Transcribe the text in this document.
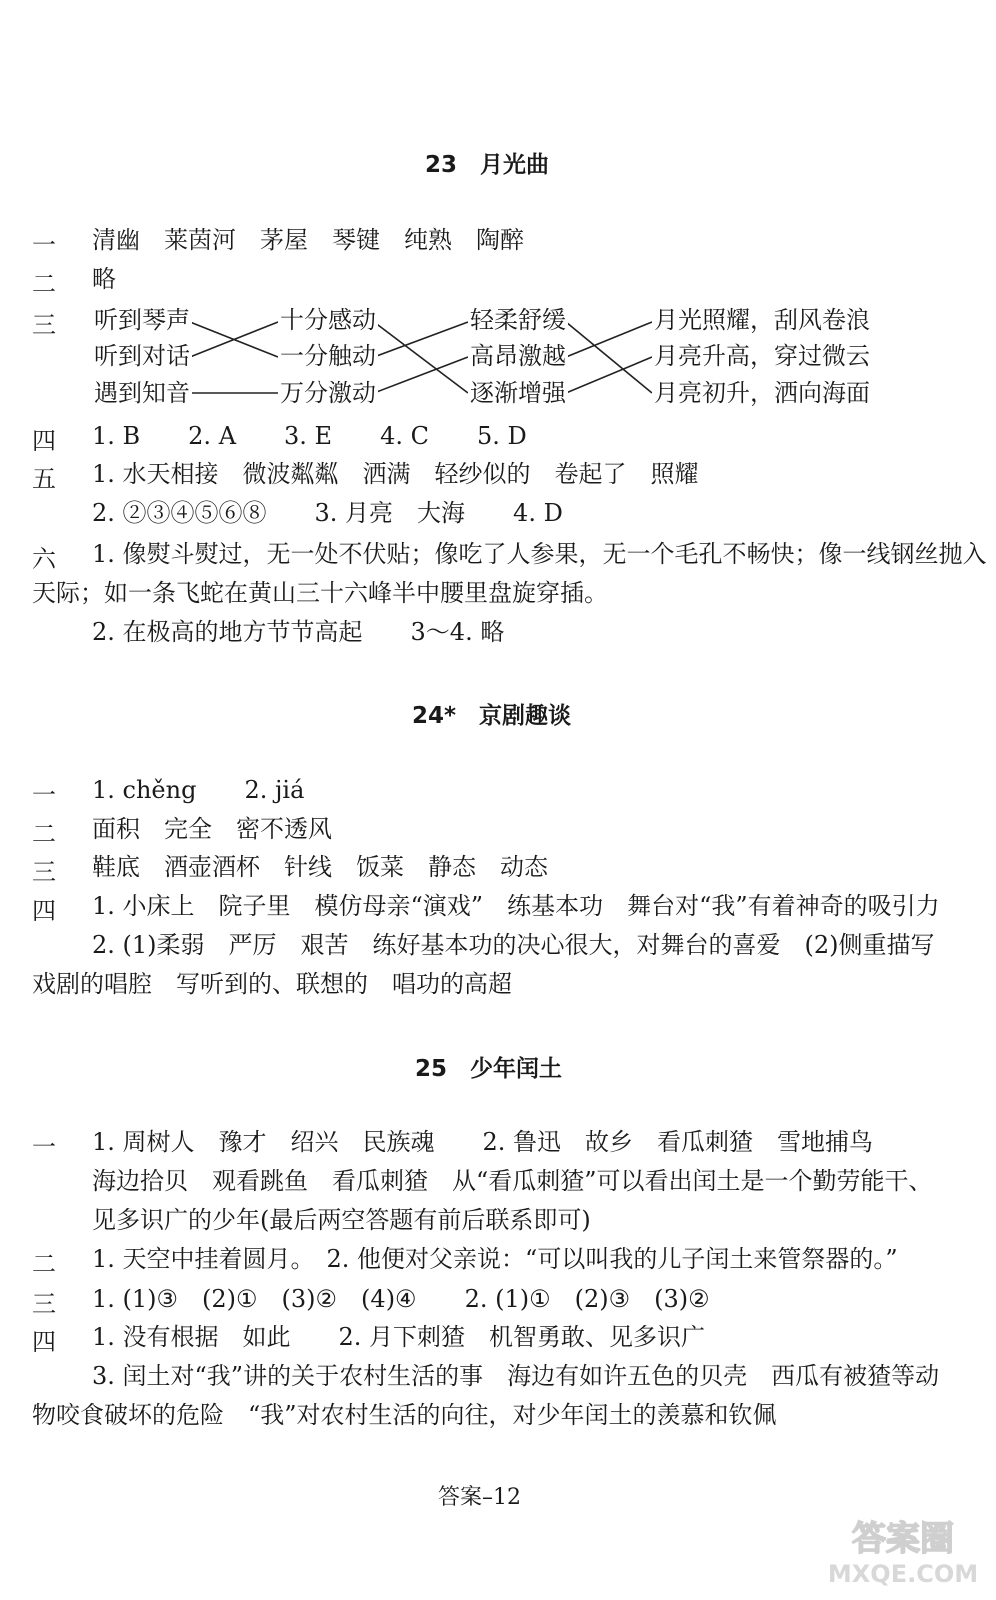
23　月光曲
一 清幽　莱茵河　茅屋　琴键　纯熟　陶醉
二 略
三 听到琴声
听到对话
遇到知音
十分感动
一分触动
万分激动
轻柔舒缓
高昂激越
逐渐增强
月光照耀，刮风卷浪
月亮升高，穿过微云
月亮初升，洒向海面
四 1. B　　2. A　　3. E　　4. C　　5. D
五 1. 水天相接　微波粼粼　洒满　轻纱似的　卷起了　照耀
2. ②③④⑤⑥⑧　　3. 月亮　大海　　4. D
六 1. 像熨斗熨过，无一处不伏贴；像吃了人参果，无一个毛孔不畅快；像一线钢丝抛入
天际；如一条飞蛇在黄山三十六峰半中腰里盘旋穿插。
2. 在极高的地方节节高起　　3～4. 略
24*　京剧趣谈
一 1. chěng　　2. jiá
二 面积　完全　密不透风
三 鞋底　酒壶酒杯　针线　饭菜　静态　动态
四 1. 小床上　院子里　模仿母亲“演戏”　练基本功　舞台对“我”有着神奇的吸引力
2. (1)柔弱　严厉　艰苦　练好基本功的决心很大，对舞台的喜爱　(2)侧重描写
戏剧的唱腔　写听到的、联想的　唱功的高超
25　少年闰土
一 1. 周树人　豫才　绍兴　民族魂　　2. 鲁迅　故乡　看瓜刺猹　雪地捕鸟
海边拾贝　观看跳鱼　看瓜刺猹　从“看瓜刺猹”可以看出闰土是一个勤劳能干、
见多识广的少年(最后两空答题有前后联系即可)
二 1. 天空中挂着圆月。　2. 他便对父亲说：“可以叫我的儿子闰土来管祭器的。”
三 1. (1)③　(2)①　(3)②　(4)④　　2. (1)①　(2)③　(3)②
四 1. 没有根据　如此　　2. 月下刺猹　机智勇敢、见多识广
3. 闰土对“我”讲的关于农村生活的事　海边有如许五色的贝壳　西瓜有被猹等动
物咬食破坏的危险　“我”对农村生活的向往，对少年闰土的羡慕和钦佩
答案–12
答案圈
MXQE.COM
